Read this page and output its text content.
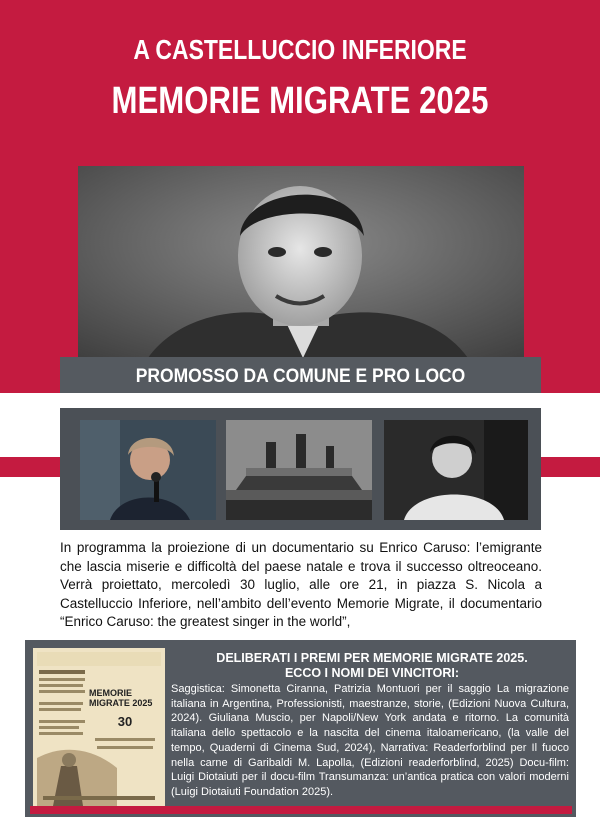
A CASTELLUCCIO INFERIORE
MEMORIE MIGRATE 2025
PROMOSSO DA COMUNE E PRO LOCO

In programma la proiezione di un documentario su Enrico Caruso: l’emigrante che lascia miserie e difficoltà del paese natale e trova il successo oltreoceano. Verrà proiettato, mercoledì 30 luglio, alle ore 21, in piazza S. Nicola a Castelluccio Inferiore, nell’ambito dell’evento Memorie Migrate, il documentario “Enrico Caruso: the greatest singer in the world”,

MEMORIE MIGRATE 2025
30
DELIBERATI I PREMI PER MEMORIE MIGRATE 2025.
ECCO I NOMI DEI VINCITORI:

Saggistica: Simonetta Ciranna, Patrizia Montuori per il saggio La migrazione italiana in Argentina, Professionisti, maestranze, storie, (Edizioni Nuova Cultura, 2024). Giuliana Muscio, per Napoli/New York andata e ritorno. La comunità italiana dello spettacolo e la nascita del cinema italoamericano, (la valle del tempo, Quaderni di Cinema Sud, 2024), Narrativa: Readerforblind per Il fuoco nella carne di Garibaldi M. Lapolla, (Edizioni readerforblind, 2025) Docu-film: Luigi Diotaiuti per il docu-film Transumanza: un’antica pratica con valori moderni (Luigi Diotaiuti Foundation 2025).
